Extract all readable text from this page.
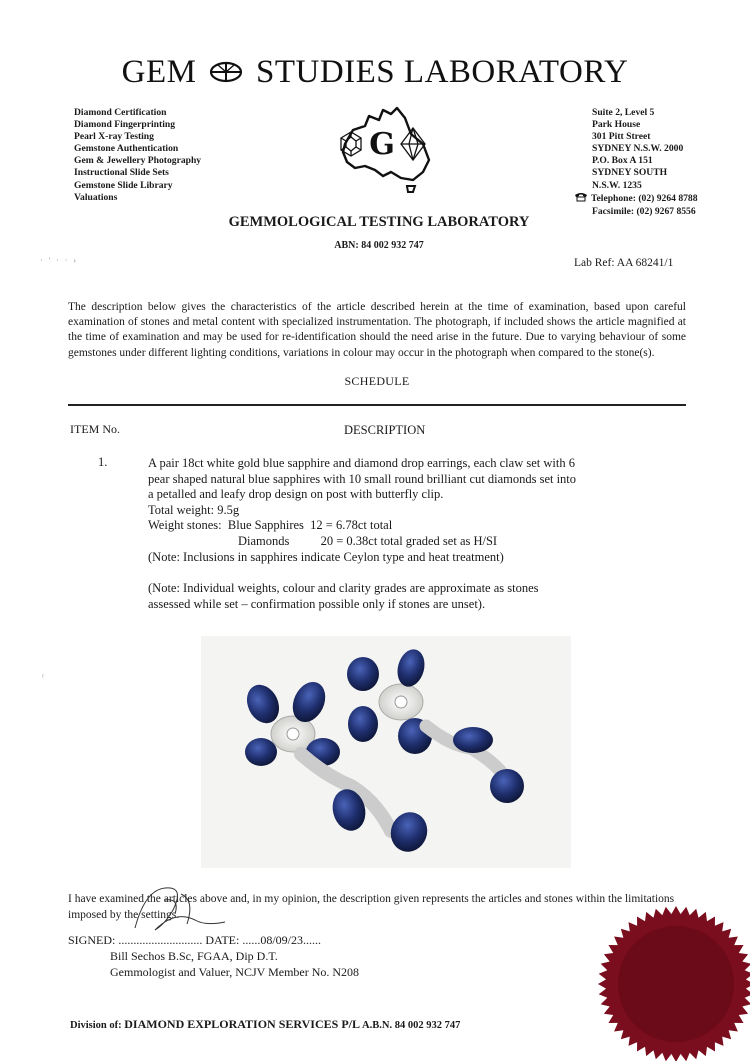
GEM STUDIES LABORATORY
Diamond Certification
Diamond Fingerprinting
Pearl X-ray Testing
Gemstone Authentication
Gem & Jewellery Photography
Instructional Slide Sets
Gemstone Slide Library
Valuations
G
Suite 2, Level 5
Park House
301 Pitt Street
SYDNEY N.S.W. 2000
P.O. Box A 151
SYDNEY SOUTH
N.S.W. 1235
Telephone: (02) 9264 8788
Facsimile: (02) 9267 8556
GEMMOLOGICAL TESTING LABORATORY
ABN: 84 002 932 747
· ' · · ›	Lab Ref: AA 68241/1
The description below gives the characteristics of the article described herein at the time of examination, based upon careful examination of stones and metal content with specialized instrumentation. The photograph, if included shows the article magnified at the time of examination and may be used for re-identification should the need arise in the future. Due to varying behaviour of some gemstones under different lighting conditions, variations in colour may occur in the photograph when compared to the stone(s).
SCHEDULE
ITEM No.	DESCRIPTION
1.	A pair 18ct white gold blue sapphire and diamond drop earrings, each claw set with 6
pear shaped natural blue sapphires with 10 small round brilliant cut diamonds set into
a petalled and leafy drop design on post with butterfly clip.
Total weight: 9.5g
Weight stones:  Blue Sapphires  12 = 6.78ct total
Diamonds          20 = 0.38ct total graded set as H/SI
(Note: Inclusions in sapphires indicate Ceylon type and heat treatment)
(Note: Individual weights, colour and clarity grades are approximate as stones
assessed while set – confirmation possible only if stones are unset).
I have examined the articles above and, in my opinion, the description given represents the articles and stones within the limitations imposed by the settings.
SIGNED: ............................ DATE: ......08/09/23......
Bill Sechos B.Sc, FGAA, Dip D.T.
Gemmologist and Valuer, NCJV Member No. N208
Division of: DIAMOND EXPLORATION SERVICES P/L A.B.N. 84 002 932 747
ʳ
